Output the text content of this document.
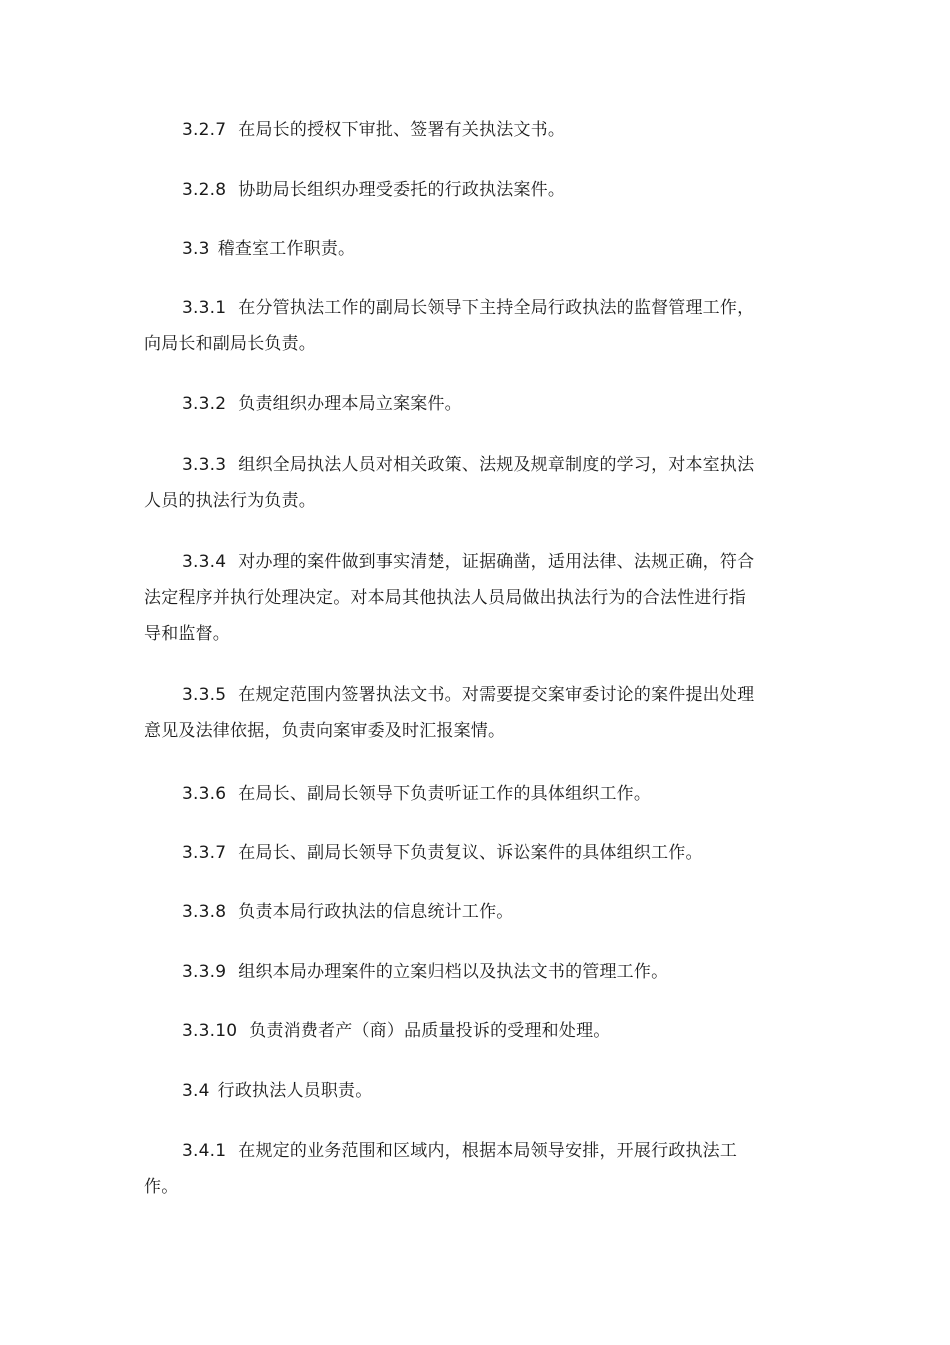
3.2.7 在局长的授权下审批、签署有关执法文书。

3.2.8 协助局长组织办理受委托的行政执法案件。

3.3 稽查室工作职责。

3.3.1 在分管执法工作的副局长领导下主持全局行政执法的监督管理工作，向局长和副局长负责。

3.3.2 负责组织办理本局立案案件。

3.3.3 组织全局执法人员对相关政策、法规及规章制度的学习，对本室执法人员的执法行为负责。

3.3.4 对办理的案件做到事实清楚，证据确凿，适用法律、法规正确，符合法定程序并执行处理决定。对本局其他执法人员局做出执法行为的合法性进行指导和监督。

3.3.5 在规定范围内签署执法文书。对需要提交案审委讨论的案件提出处理意见及法律依据，负责向案审委及时汇报案情。

3.3.6 在局长、副局长领导下负责听证工作的具体组织工作。

3.3.7 在局长、副局长领导下负责复议、诉讼案件的具体组织工作。

3.3.8 负责本局行政执法的信息统计工作。

3.3.9 组织本局办理案件的立案归档以及执法文书的管理工作。

3.3.10 负责消费者产（商）品质量投诉的受理和处理。

3.4 行政执法人员职责。

3.4.1 在规定的业务范围和区域内，根据本局领导安排，开展行政执法工作。
